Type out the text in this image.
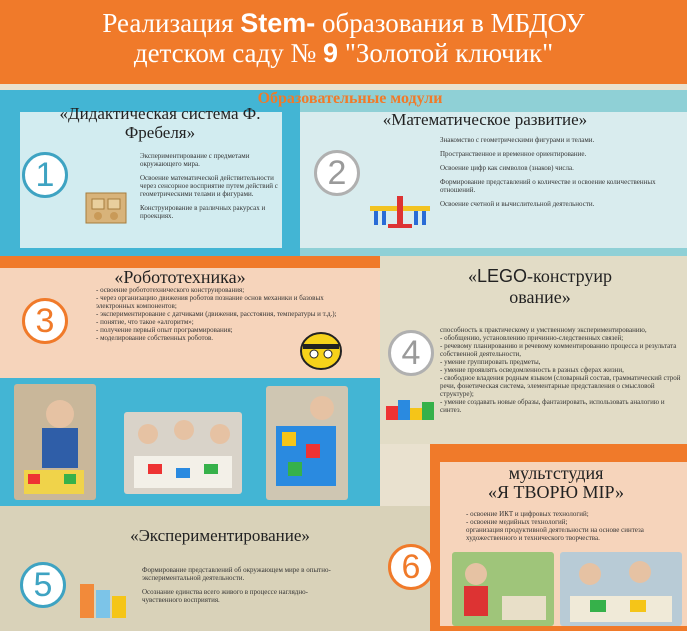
Реализация Stem- образования в МБДОУ
детском саду № 9 "Золотой ключик"
Образовательные модули
«Дидактическая система Ф. Фребеля»
1	Экспериментирование с предметами окружающего мира.

Освоение математической действительности через сенсорное восприятие путем действий с геометрическими телами и фигурами.

Конструирование в различных ракурсах и проекциях.

«Математическое развитие»
2

Знакомство с геометрическими фигурами и телами.

Пространственное и временное ориентирование.

Освоение цифр как символов (знаков) числа.

Формирование представлений о количестве и освоение количественных отношений.

Освоение счетной и вычислительной деятельности.

«Робототехника»
3
- освоение робототехнического конструирования;
- через организацию движения роботов познание основ механики и базовых электронных компонентов;
- экспериментирование с датчиками (движения, расстояния, температуры и т.д.);
- понятие, что такое «алгоритм»;
- получение первый опыт программирования;
- моделирование собственных роботов.
«LEGO-конструир ование»
4
способность к практическому и умственному экспериментированию,
- обобщению, установлению причинно-следственных связей;
- речевому планированию и речевому комментированию процесса и результата собственной деятельности,
- умение группировать предметы,
- умение проявлять осведомленность в разных сферах жизни,
- свободное владения родным языком (словарный состав, грамматический строй речи, фонетическая система, элементарные представления о смысловой структуре);
- умение создавать новые образы, фантазировать, использовать аналогию и синтез.
«Экспериментирование»
5	Формирование представлений об окружающем мире в опытно-экспериментальной деятельности.

Осознание единства всего живого в процессе наглядно-чувственного восприятия.

мультстудия
«Я ТВОРЮ МIР»
- освоение ИКТ и цифровых технологий;
- освоение медийных технологий;
организация продуктивной деятельности на основе синтеза художественного и технического творчества.
6
